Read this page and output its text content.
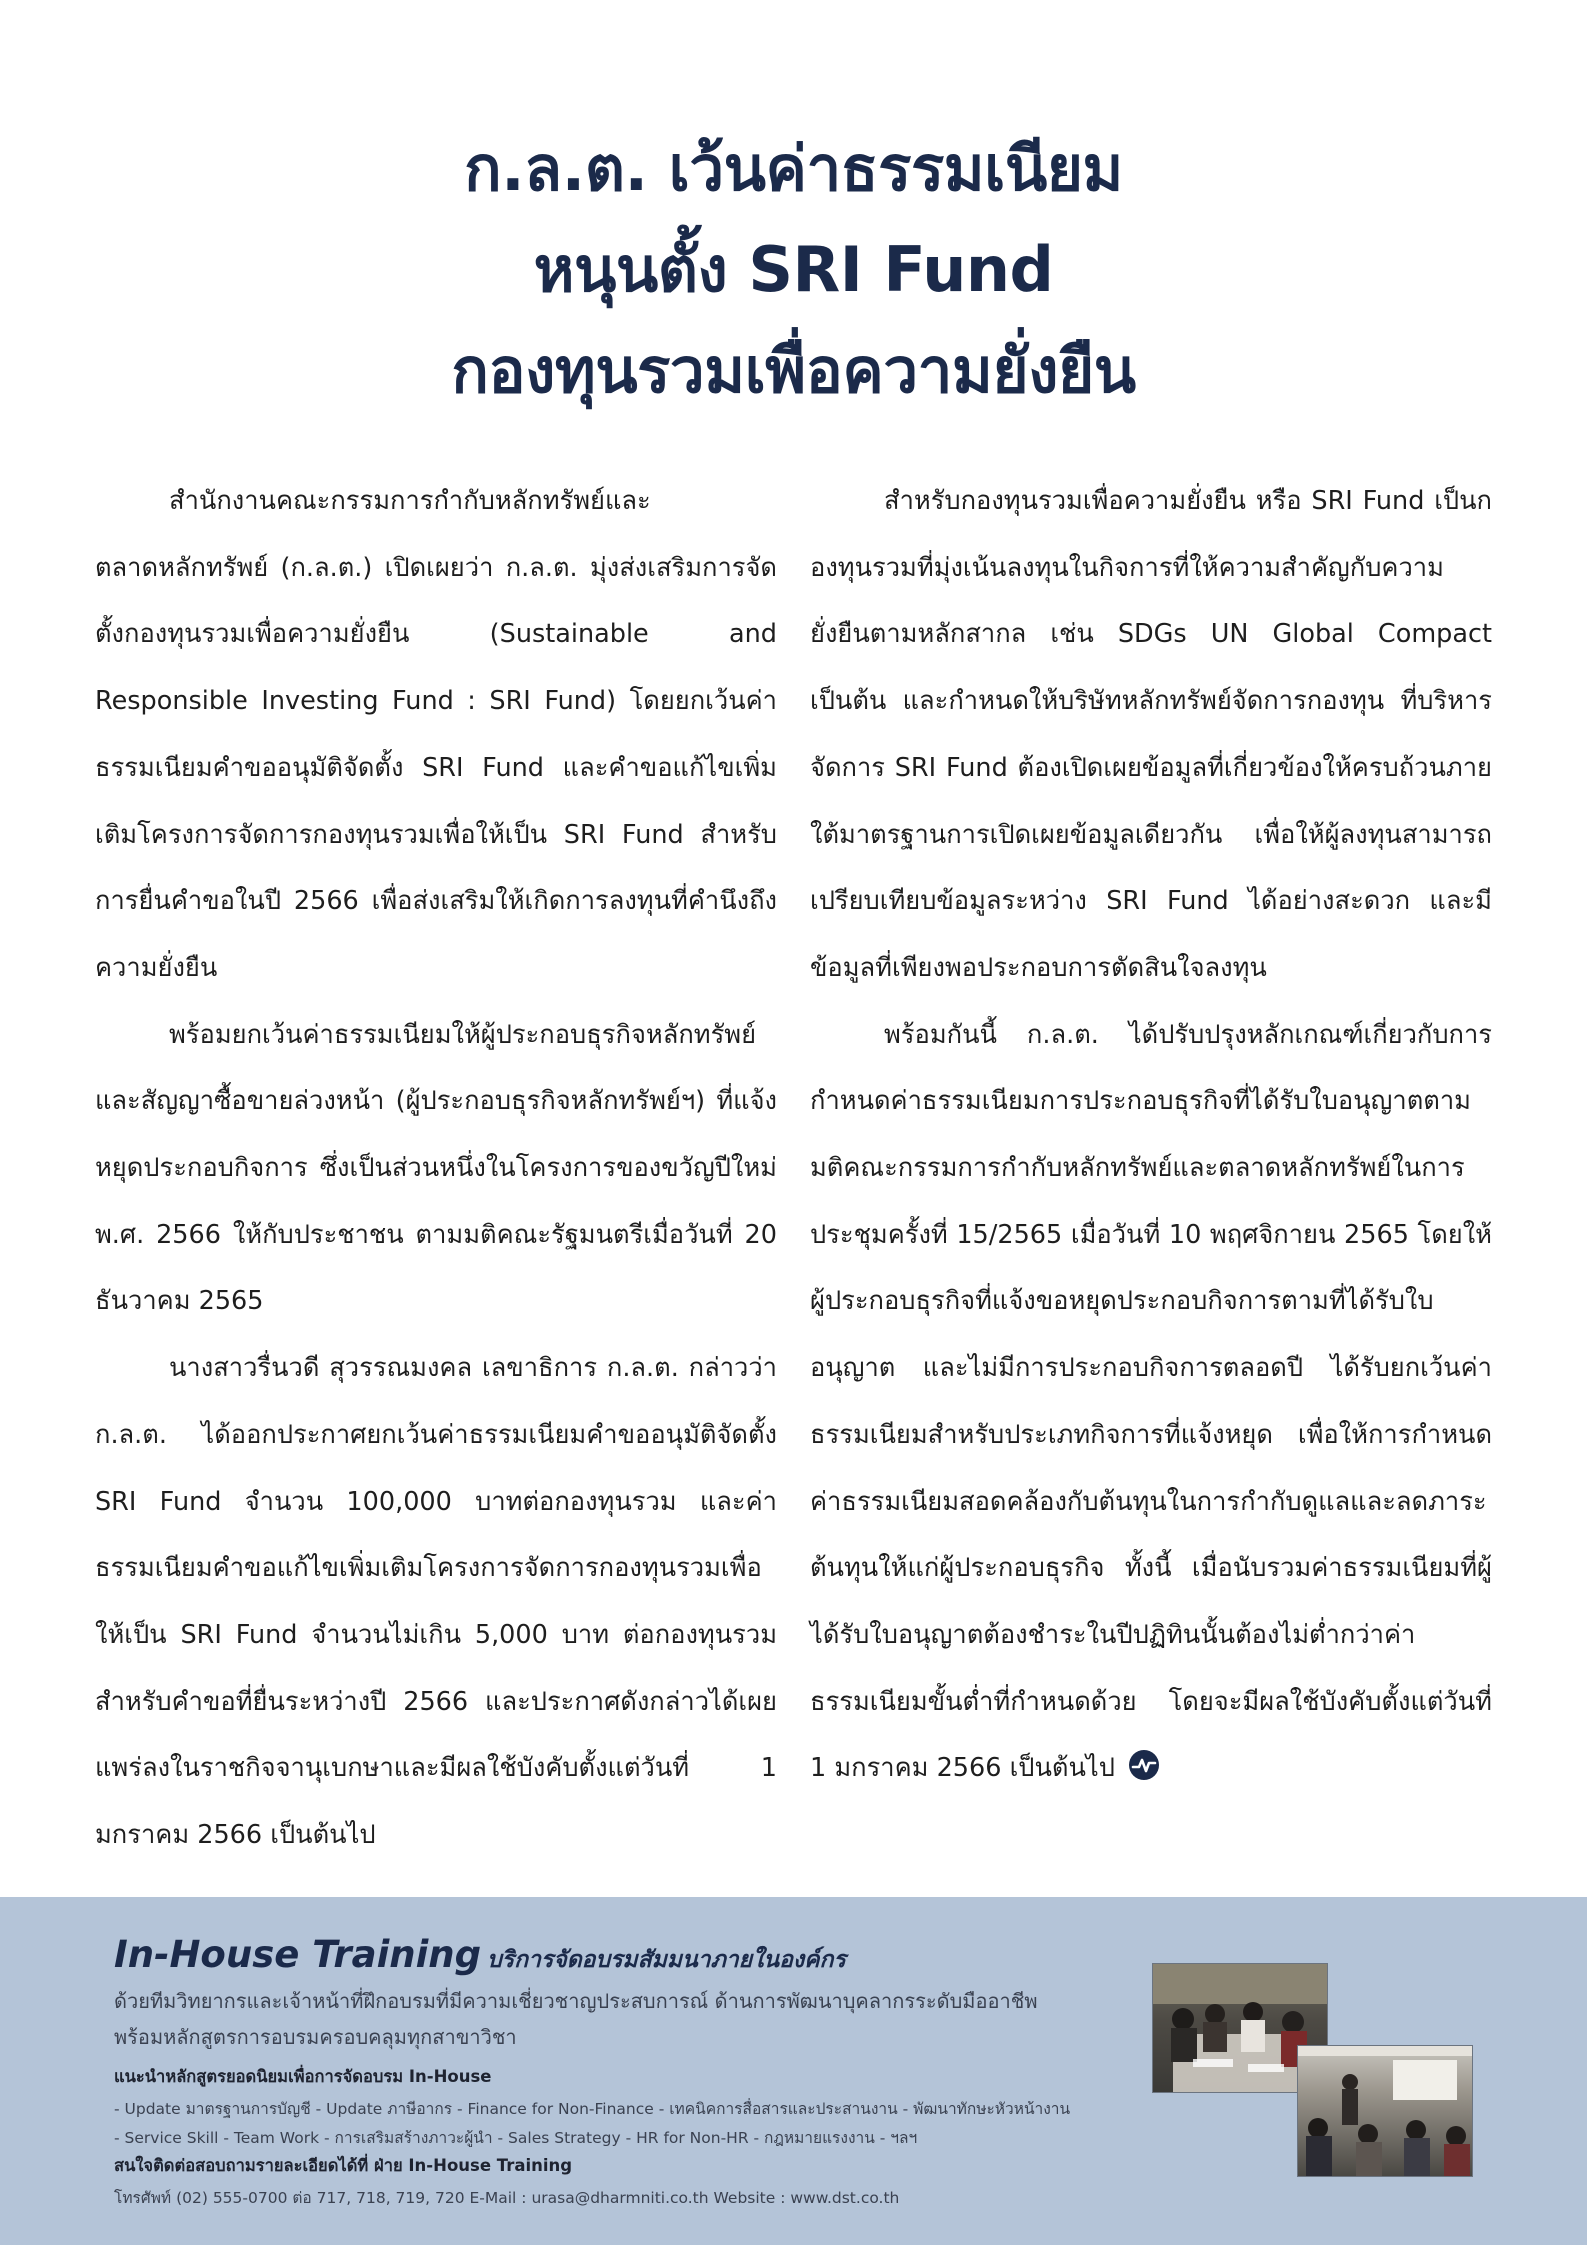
ก.ล.ต. เว้นค่าธรรมเนียม
หนุนตั้ง SRI Fund
กองทุนรวมเพื่อความยั่งยืน

สำนักงานคณะกรรมการกำกับหลักทรัพย์และตลาดหลักทรัพย์ (ก.ล.ต.) เปิดเผยว่า ก.ล.ต. มุ่งส่งเสริมการจัดตั้งกองทุนรวมเพื่อความยั่งยืน (Sustainable and Responsible Investing Fund : SRI Fund) โดยยกเว้นค่าธรรมเนียมคำขออนุมัติจัดตั้ง SRI Fund และคำขอแก้ไขเพิ่มเติมโครงการจัดการกองทุนรวมเพื่อให้เป็น SRI Fund สำหรับการยื่นคำขอในปี 2566 เพื่อส่งเสริมให้เกิดการลงทุนที่คำนึงถึงความยั่งยืน

พร้อมยกเว้นค่าธรรมเนียมให้ผู้ประกอบธุรกิจหลักทรัพย์และสัญญาซื้อขายล่วงหน้า (ผู้ประกอบธุรกิจหลักทรัพย์ฯ) ที่แจ้งหยุดประกอบกิจการ ซึ่งเป็นส่วนหนึ่งในโครงการของขวัญปีใหม่ พ.ศ. 2566 ให้กับประชาชน ตามมติคณะรัฐมนตรีเมื่อวันที่ 20 ธันวาคม 2565

นางสาวรื่นวดี สุวรรณมงคล เลขาธิการ ก.ล.ต. กล่าวว่า ก.ล.ต. ได้ออกประกาศยกเว้นค่าธรรมเนียมคำขออนุมัติจัดตั้ง SRI Fund จำนวน 100,000 บาทต่อกองทุนรวม และค่าธรรมเนียมคำขอแก้ไขเพิ่มเติมโครงการจัดการกองทุนรวมเพื่อให้เป็น SRI Fund จำนวนไม่เกิน 5,000 บาท ต่อกองทุนรวม สำหรับคำขอที่ยื่นระหว่างปี 2566 และประกาศดังกล่าวได้เผยแพร่ลงในราชกิจจานุเบกษาและมีผลใช้บังคับตั้งแต่วันที่ 1 มกราคม 2566 เป็นต้นไป

สำหรับกองทุนรวมเพื่อความยั่งยืน หรือ SRI Fund เป็นกองทุนรวมที่มุ่งเน้นลงทุนในกิจการที่ให้ความสำคัญกับความยั่งยืนตามหลักสากล เช่น SDGs UN Global Compact เป็นต้น และกำหนดให้บริษัทหลักทรัพย์จัดการกองทุน ที่บริหารจัดการ SRI Fund ต้องเปิดเผยข้อมูลที่เกี่ยวข้องให้ครบถ้วนภายใต้มาตรฐานการเปิดเผยข้อมูลเดียวกัน เพื่อให้ผู้ลงทุนสามารถเปรียบเทียบข้อมูลระหว่าง SRI Fund ได้อย่างสะดวก และมีข้อมูลที่เพียงพอประกอบการตัดสินใจลงทุน

พร้อมกันนี้ ก.ล.ต. ได้ปรับปรุงหลักเกณฑ์เกี่ยวกับการกำหนดค่าธรรมเนียมการประกอบธุรกิจที่ได้รับใบอนุญาตตามมติคณะกรรมการกำกับหลักทรัพย์และตลาดหลักทรัพย์ในการประชุมครั้งที่ 15/2565 เมื่อวันที่ 10 พฤศจิกายน 2565 โดยให้ผู้ประกอบธุรกิจที่แจ้งขอหยุดประกอบกิจการตามที่ได้รับใบอนุญาต และไม่มีการประกอบกิจการตลอดปี ได้รับยกเว้นค่าธรรมเนียมสำหรับประเภทกิจการที่แจ้งหยุด เพื่อให้การกำหนดค่าธรรมเนียมสอดคล้องกับต้นทุนในการกำกับดูแลและลดภาระต้นทุนให้แก่ผู้ประกอบธุรกิจ ทั้งนี้ เมื่อนับรวมค่าธรรมเนียมที่ผู้ได้รับใบอนุญาตต้องชำระในปีปฏิทินนั้นต้องไม่ต่ำกว่าค่าธรรมเนียมขั้นต่ำที่กำหนดด้วย โดยจะมีผลใช้บังคับตั้งแต่วันที่ 1 มกราคม 2566 เป็นต้นไป

In-House Training บริการจัดอบรมสัมมนาภายในองค์กร
ด้วยทีมวิทยากรและเจ้าหน้าที่ฝึกอบรมที่มีความเชี่ยวชาญประสบการณ์ ด้านการพัฒนาบุคลากรระดับมืออาชีพ
พร้อมหลักสูตรการอบรมครอบคลุมทุกสาขาวิชา
แนะนำหลักสูตรยอดนิยมเพื่อการจัดอบรม In-House
- Update มาตรฐานการบัญชี - Update ภาษีอากร - Finance for Non-Finance - เทคนิคการสื่อสารและประสานงาน - พัฒนาทักษะหัวหน้างาน
- Service Skill - Team Work - การเสริมสร้างภาวะผู้นำ - Sales Strategy - HR for Non-HR - กฎหมายแรงงาน - ฯลฯ
สนใจติดต่อสอบถามรายละเอียดได้ที่ ฝ่าย In-House Training
โทรศัพท์ (02) 555-0700 ต่อ 717, 718, 719, 720 E-Mail : urasa@dharmniti.co.th Website : www.dst.co.th
